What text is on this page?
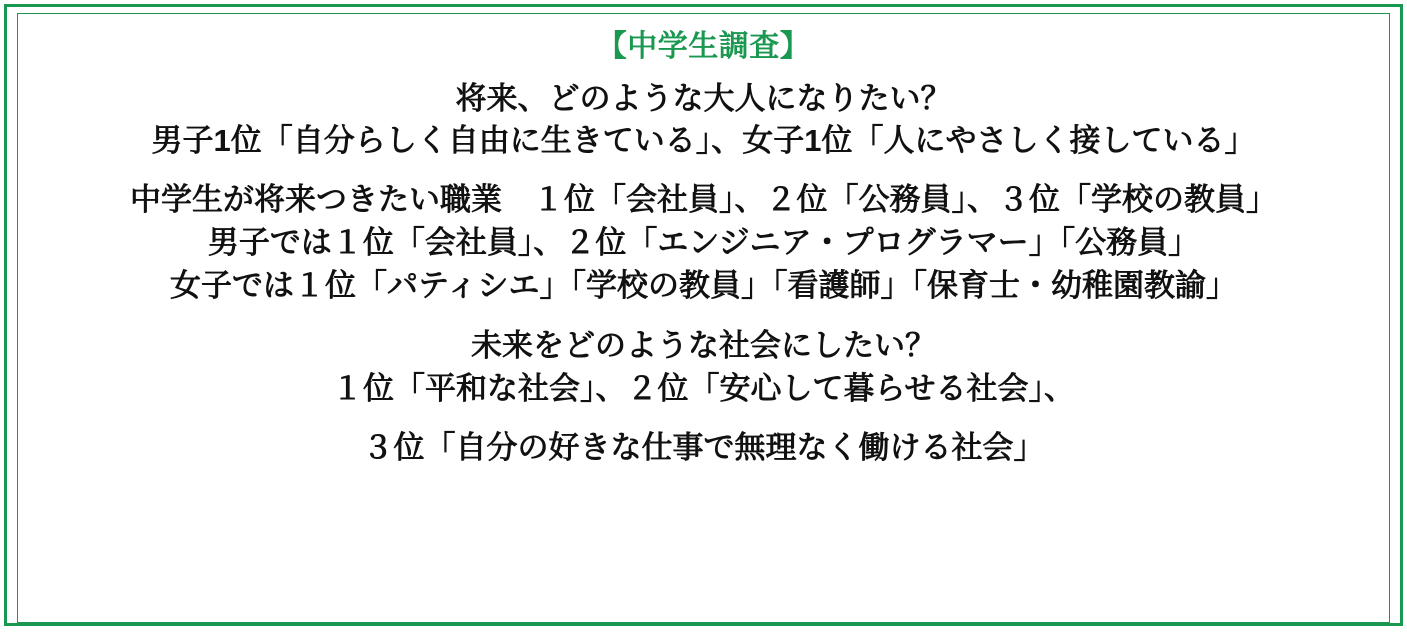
【中学生調査】
将来、どのような大人になりたい？
男子1位「自分らしく自由に生きている」、女子1位「人にやさしく接している」
中学生が将来つきたい職業　１位「会社員」、２位「公務員」、３位「学校の教員」
男子では１位「会社員」、２位「エンジニア・プログラマー」「公務員」
女子では１位「パティシエ」「学校の教員」「看護師」「保育士・幼稚園教諭」
未来をどのような社会にしたい？
１位「平和な社会」、２位「安心して暮らせる社会」、
３位「自分の好きな仕事で無理なく働ける社会」
